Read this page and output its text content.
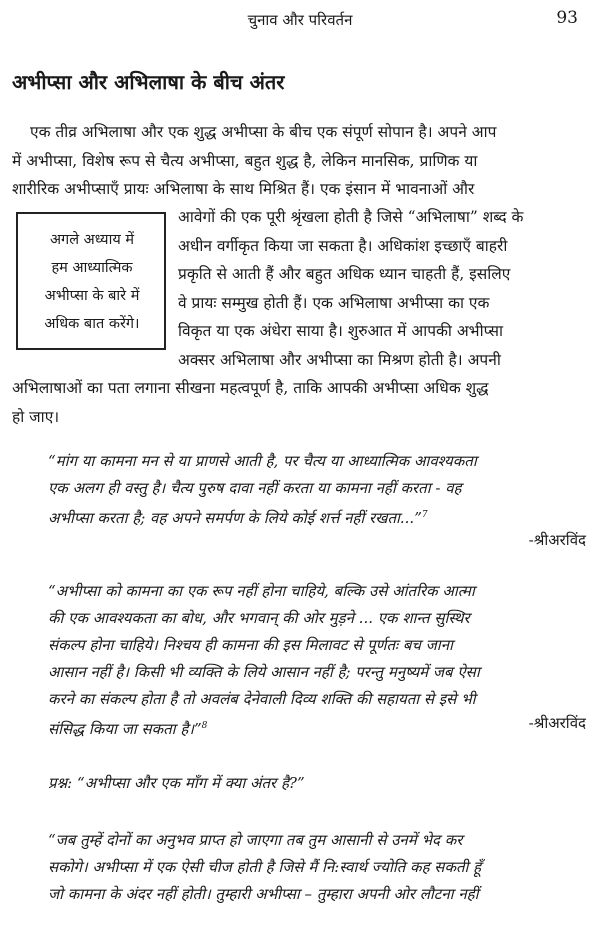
चुनाव और परिवर्तन	93
अभीप्सा और अभिलाषा के बीच अंतर
एक तीव्र अभिलाषा और एक शुद्ध अभीप्सा के बीच एक संपूर्ण सोपान है। अपने आप
में अभीप्सा, विशेष रूप से चैत्य अभीप्सा, बहुत शुद्ध है, लेकिन मानसिक, प्राणिक या
शारीरिक अभीप्साएँ प्रायः अभिलाषा के साथ मिश्रित हैं। एक इंसान में भावनाओं और
आवेगों की एक पूरी श्रृंखला होती है जिसे “अभिलाषा” शब्द के
अधीन वर्गीकृत किया जा सकता है। अधिकांश इच्छाएँ बाहरी
प्रकृति से आती हैं और बहुत अधिक ध्यान चाहती हैं, इसलिए
वे प्रायः सम्मुख होती हैं। एक अभिलाषा अभीप्सा का एक
विकृत या एक अंधेरा साया है। शुरुआत में आपकी अभीप्सा
अक्सर अभिलाषा और अभीप्सा का मिश्रण होती है। अपनी
अगले अध्याय में
हम आध्यात्मिक
अभीप्सा के बारे में
अधिक बात करेंगे।
अभिलाषाओं का पता लगाना सीखना महत्वपूर्ण है, ताकि आपकी अभीप्सा अधिक शुद्ध
हो जाए।
“मांग या कामना मन से या प्राणसे आती है, पर चैत्य या आध्यात्मिक आवश्यकता
एक अलग ही वस्तु है। चैत्य पुरुष दावा नहीं करता या कामना नहीं करता - वह
अभीप्सा करता है; वह अपने समर्पण के लिये कोई शर्त्त नहीं रखता...”$^7$
-श्रीअरविंद
“अभीप्सा को कामना का एक रूप नहीं होना चाहिये, बल्कि उसे आंतरिक आत्मा
की एक आवश्यकता का बोध, और भगवान् की ओर मुड़ने ... एक शान्त सुस्थिर
संकल्प होना चाहिये। निश्चय ही कामना की इस मिलावट से पूर्णतः बच जाना
आसान नहीं है। किसी भी व्यक्ति के लिये आसान नहीं है; परन्तु मनुष्यमें जब ऐसा
करने का संकल्प होता है तो अवलंब देनेवाली दिव्य शक्ति की सहायता से इसे भी
संसिद्ध किया जा सकता है।”$^8$	-श्रीअरविंद
प्रश्न: “अभीप्सा और एक माँग में क्या अंतर है?”
“जब तुम्हें दोनों का अनुभव प्राप्त हो जाएगा तब तुम आसानी से उनमें भेद कर
सकोगे। अभीप्सा में एक ऐसी चीज होती है जिसे मैं नि:स्वार्थ ज्योति कह सकती हूँ
जो कामना के अंदर नहीं होती। तुम्हारी अभीप्सा – तुम्हारा अपनी ओर लौटना नहीं
